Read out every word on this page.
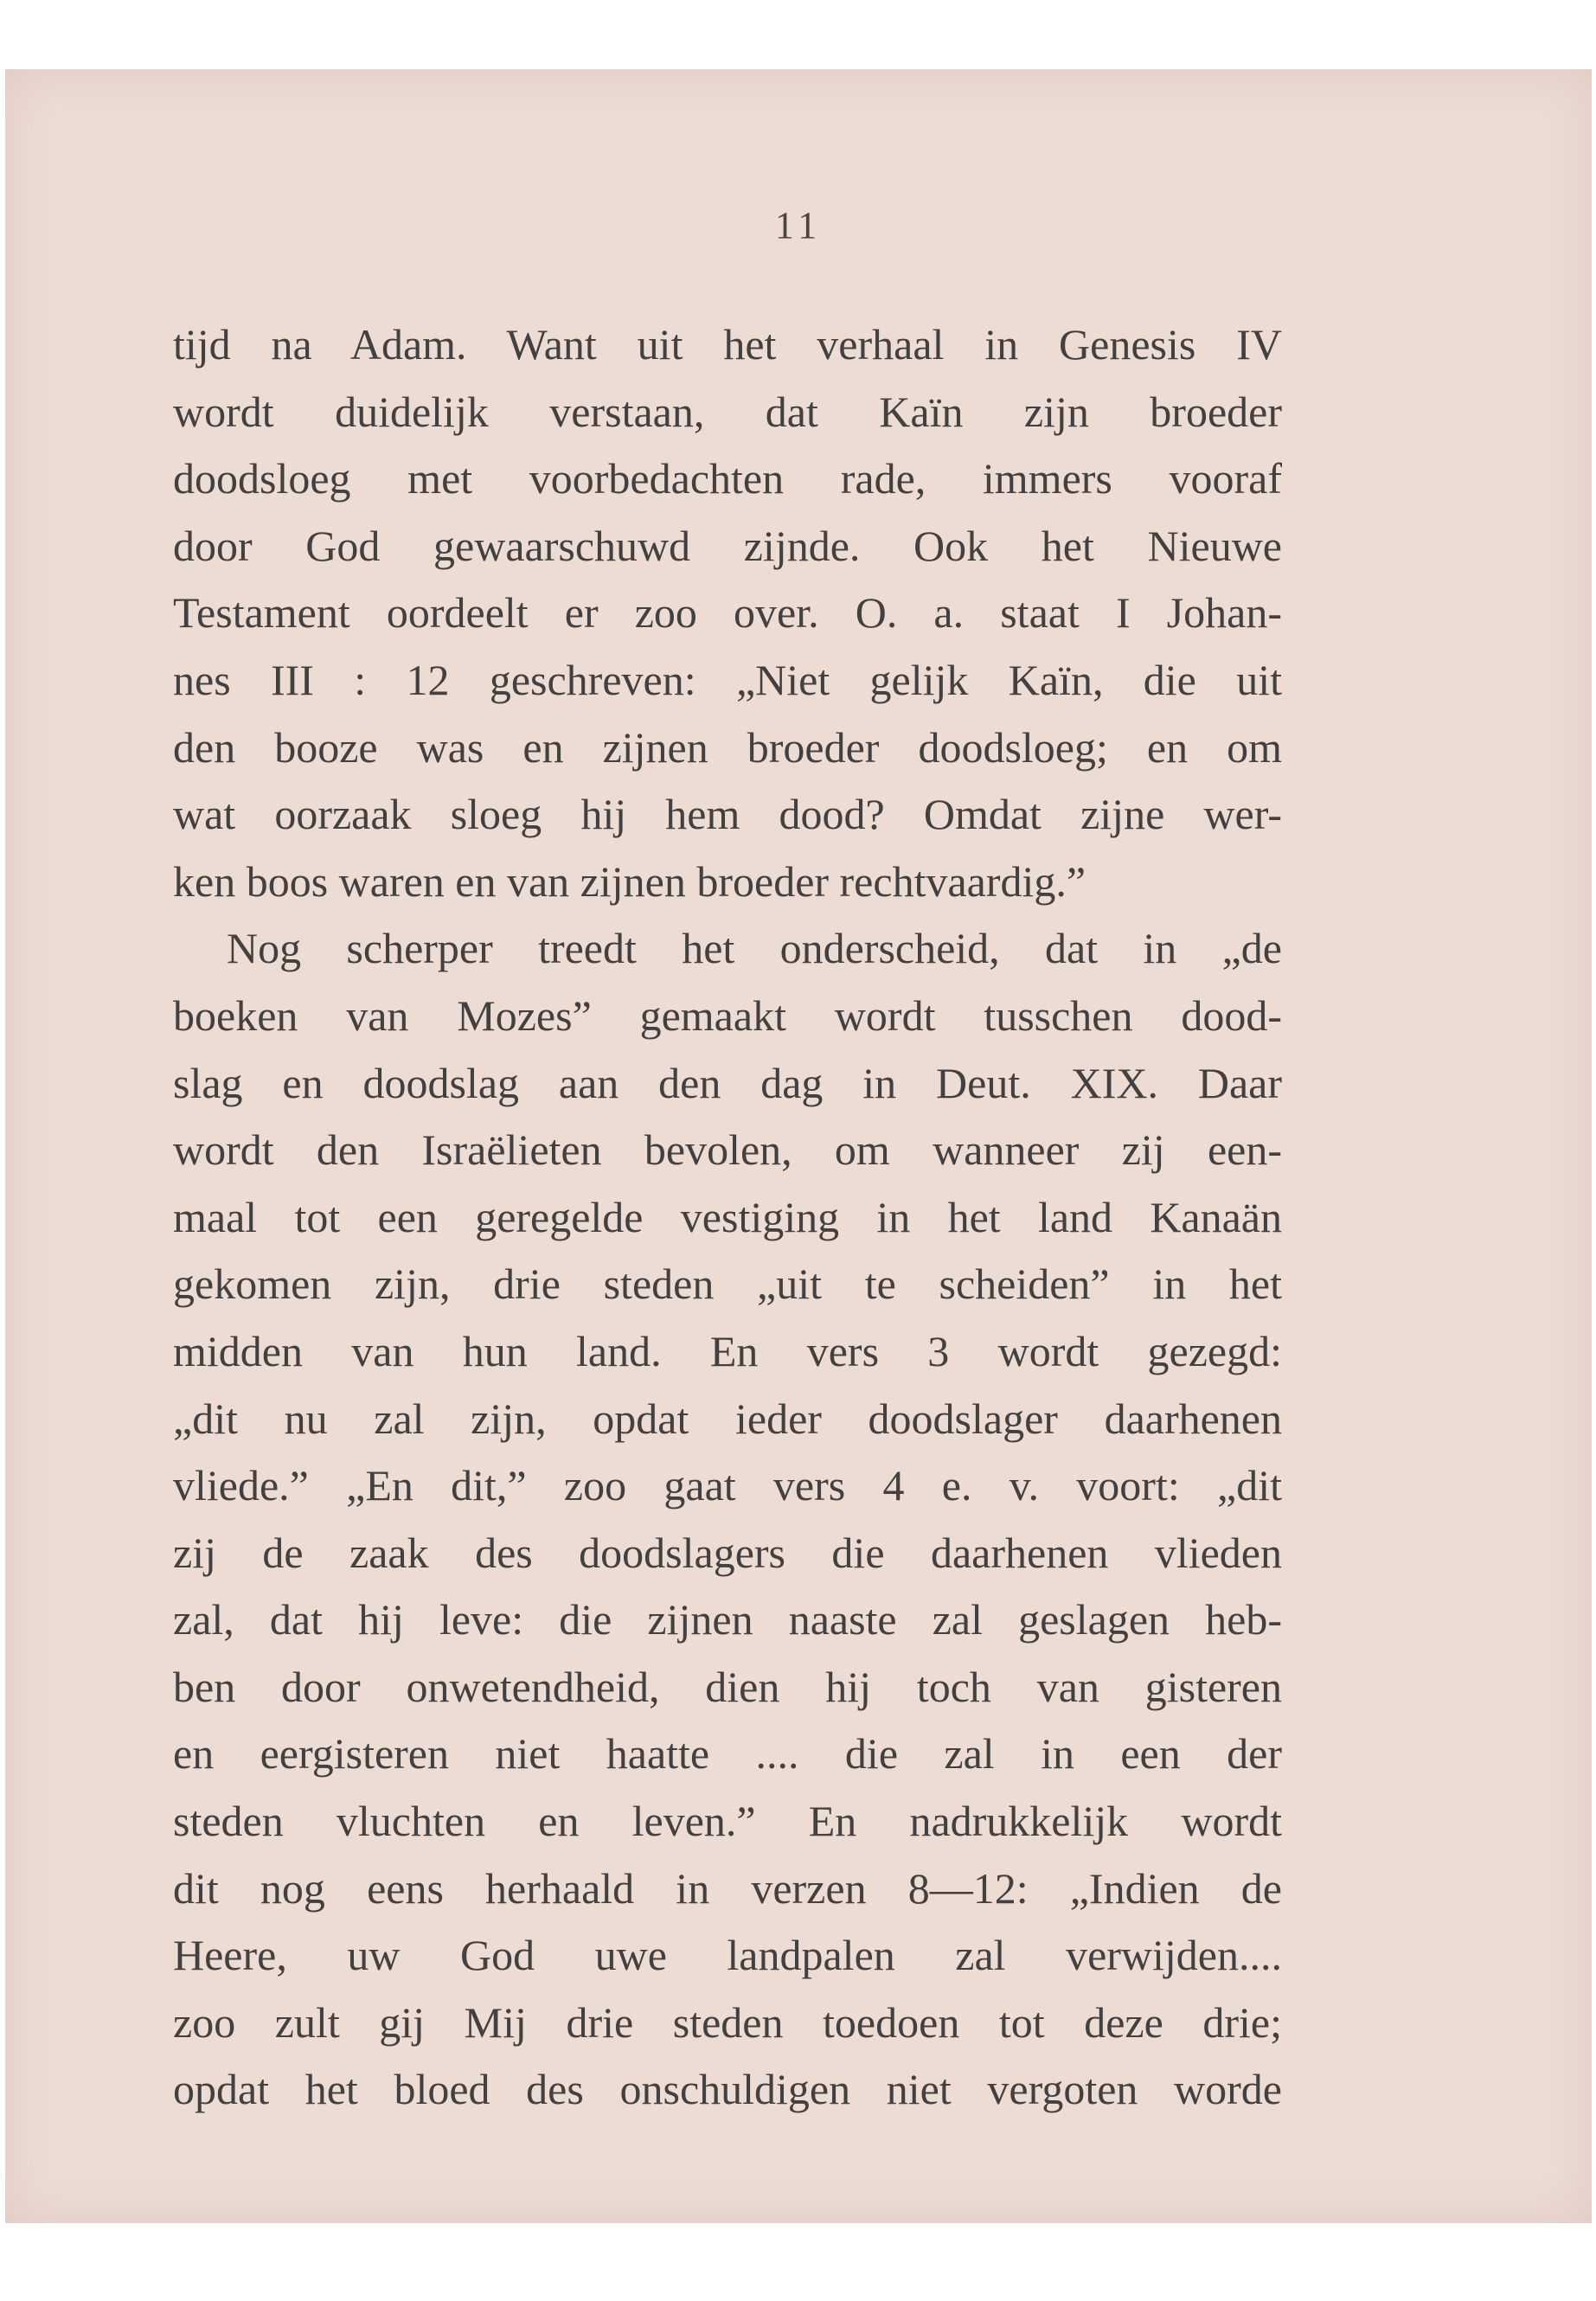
11
tijd na Adam. Want uit het verhaal in Genesis IV
wordt duidelijk verstaan, dat Kaïn zijn broeder
doodsloeg met voorbedachten rade, immers vooraf
door God gewaarschuwd zijnde. Ook het Nieuwe
Testament oordeelt er zoo over. O. a. staat I Johan-
nes III : 12 geschreven: „Niet gelijk Kaïn, die uit
den booze was en zijnen broeder doodsloeg; en om
wat oorzaak sloeg hij hem dood? Omdat zijne wer-
ken boos waren en van zijnen broeder rechtvaardig.”
Nog scherper treedt het onderscheid, dat in „de
boeken van Mozes” gemaakt wordt tusschen dood-
slag en doodslag aan den dag in Deut. XIX. Daar
wordt den Israëlieten bevolen, om wanneer zij een-
maal tot een geregelde vestiging in het land Kanaän
gekomen zijn, drie steden „uit te scheiden” in het
midden van hun land. En vers 3 wordt gezegd:
„dit nu zal zijn, opdat ieder doodslager daarhenen
vliede.” „En dit,” zoo gaat vers 4 e. v. voort: „dit
zij de zaak des doodslagers die daarhenen vlieden
zal, dat hij leve: die zijnen naaste zal geslagen heb-
ben door onwetendheid, dien hij toch van gisteren
en eergisteren niet haatte .... die zal in een der
steden vluchten en leven.” En nadrukkelijk wordt
dit nog eens herhaald in verzen 8—12: „Indien de
Heere, uw God uwe landpalen zal verwijden....
zoo zult gij Mij drie steden toedoen tot deze drie;
opdat het bloed des onschuldigen niet vergoten worde
